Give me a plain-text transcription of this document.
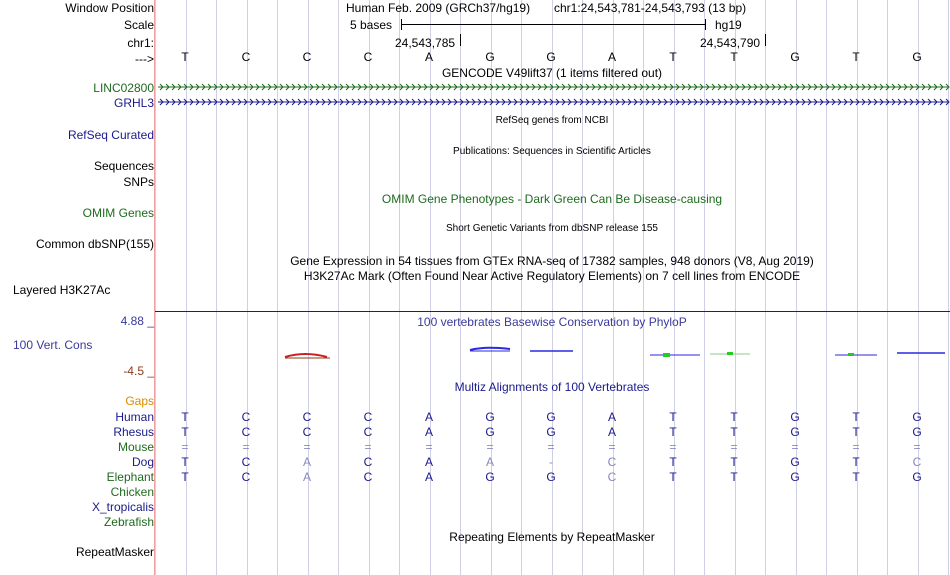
Window Position
Scale
chr1:
--->
Human Feb. 2009 (GRCh37/hg19) chr1:24,543,781-24,543,793 (13 bp)
5 bases	hg19
24,543,785	24,543,790
T	C	C	C	A	G	G	A	T	T	G	T	G
GENCODE V49lift37 (1 items filtered out)
LINC02800
GRHL3
RefSeq genes from NCBI
RefSeq Curated
Publications: Sequences in Scientific Articles
Sequences
SNPs
OMIM Gene Phenotypes - Dark Green Can Be Disease-causing
OMIM Genes
Short Genetic Variants from dbSNP release 155
Common dbSNP(155)
Gene Expression in 54 tissues from GTEx RNA-seq of 17382 samples, 948 donors (V8, Aug 2019)
H3K27Ac Mark (Often Found Near Active Regulatory Elements) on 7 cell lines from ENCODE
Layered H3K27Ac
4.88 _	100 vertebrates Basewise Conservation by PhyloP
100 Vert. Cons
-4.5 _
Multiz Alignments of 100 Vertebrates
Gaps
Human	T	C	C	C	A	G	G	A	T	T	G	T	G
Rhesus	T	C	C	C	A	G	G	A	T	T	G	T	G
Mouse	=	=	=	=	=	=	=	=	=	=	=	=	=
Dog	T	C	A	C	A	A	-	C	T	T	G	T	C
Elephant	T	C	A	C	A	G	G	C	T	T	G	T	G
Chicken
X_tropicalis
Zebrafish
Repeating Elements by RepeatMasker
RepeatMasker
